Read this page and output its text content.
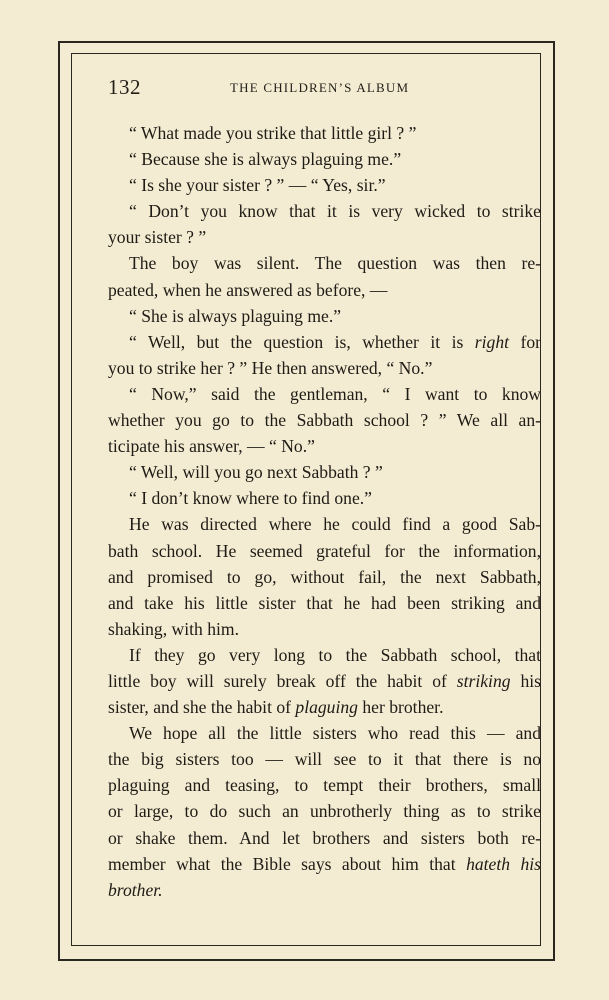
132	THE CHILDREN’S ALBUM
“ What made you strike that little girl ? ”
“ Because she is always plaguing me.”
“ Is she your sister ? ” — “ Yes, sir.”
“ Don’t you know that it is very wicked to strike
your sister ? ”
The boy was silent. The question was then re-
peated, when he answered as before, —
“ She is always plaguing me.”
“ Well, but the question is, whether it is right for
you to strike her ? ” He then answered, “ No.”
“ Now,” said the gentleman, “ I want to know
whether you go to the Sabbath school ? ” We all an-
ticipate his answer, — “ No.”
“ Well, will you go next Sabbath ? ”
“ I don’t know where to find one.”
He was directed where he could find a good Sab-
bath school. He seemed grateful for the information,
and promised to go, without fail, the next Sabbath,
and take his little sister that he had been striking and
shaking, with him.
If they go very long to the Sabbath school, that
little boy will surely break off the habit of striking his
sister, and she the habit of plaguing her brother.
We hope all the little sisters who read this — and
the big sisters too — will see to it that there is no
plaguing and teasing, to tempt their brothers, small
or large, to do such an unbrotherly thing as to strike
or shake them. And let brothers and sisters both re-
member what the Bible says about him that hateth his
brother.
